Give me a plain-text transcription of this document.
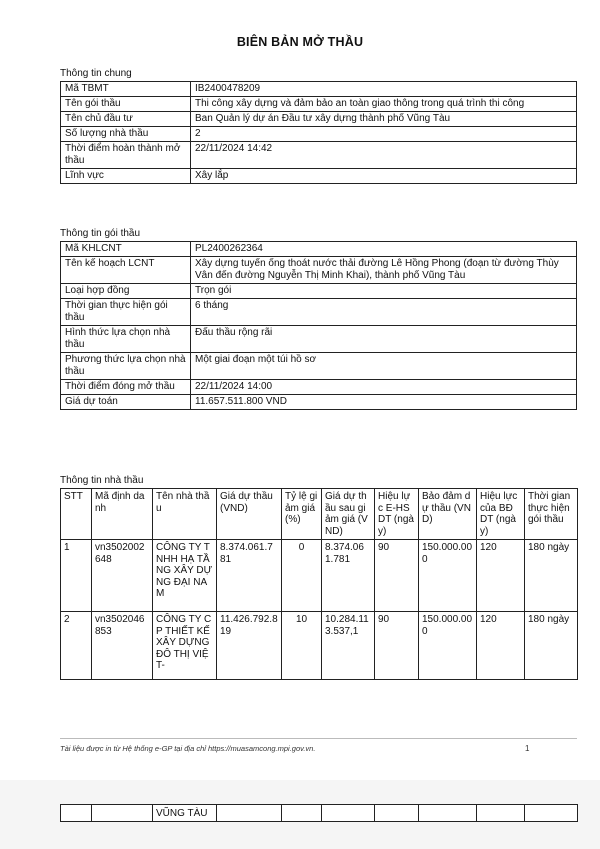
BIÊN BẢN MỞ THẦU
Thông tin chung
Mã TBMT	IB2400478209
Tên gói thầu	Thi công xây dựng và đảm bảo an toàn giao thông trong quá trình thi công
Tên chủ đầu tư	Ban Quản lý dự án Đầu tư xây dựng thành phố Vũng Tàu
Số lượng nhà thầu	2
Thời điểm hoàn thành mở thầu	22/11/2024 14:42
Lĩnh vực	Xây lắp
Thông tin gói thầu
Mã KHLCNT	PL2400262364
Tên kế hoạch LCNT	Xây dựng tuyến ống thoát nước thải đường Lê Hồng Phong (đoạn từ đường Thùy Vân đến đường Nguyễn Thị Minh Khai), thành phố Vũng Tàu
Loại hợp đồng	Trọn gói
Thời gian thực hiện gói thầu	6 tháng
Hình thức lựa chọn nhà thầu	Đấu thầu rộng rãi
Phương thức lựa chọn nhà thầu	Một giai đoạn một túi hồ sơ
Thời điểm đóng mở thầu	22/11/2024 14:00
Giá dự toán	11.657.511.800 VND
Thông tin nhà thầu
STT	Mã định danh	Tên nhà thầu	Giá dự thầu (VND)	Tỷ lệ giảm giá (%)	Giá dự thầu sau giảm giá (VND)	Hiệu lực E-HSDT (ngày)	Bảo đảm dự thầu (VND)	Hiệu lực của BĐ DT (ngày)	Thời gian thực hiện gói thầu
1	vn3502002648	CÔNG TY TNHH HẠ TẦNG XÂY DỰNG ĐẠI NAM	8.374.061.781	0	8.374.061.781	90	150.000.000	120	180 ngày
2	vn3502046853	CÔNG TY CP THIẾT KẾ XÂY DỰNG ĐÔ THỊ VIỆT-	11.426.792.819	10	10.284.113.537,1	90	150.000.000	120	180 ngày
Tài liệu được in từ Hệ thống e-GP tại địa chỉ https://muasamcong.mpi.gov.vn.	1
		VŨNG TÀU							
